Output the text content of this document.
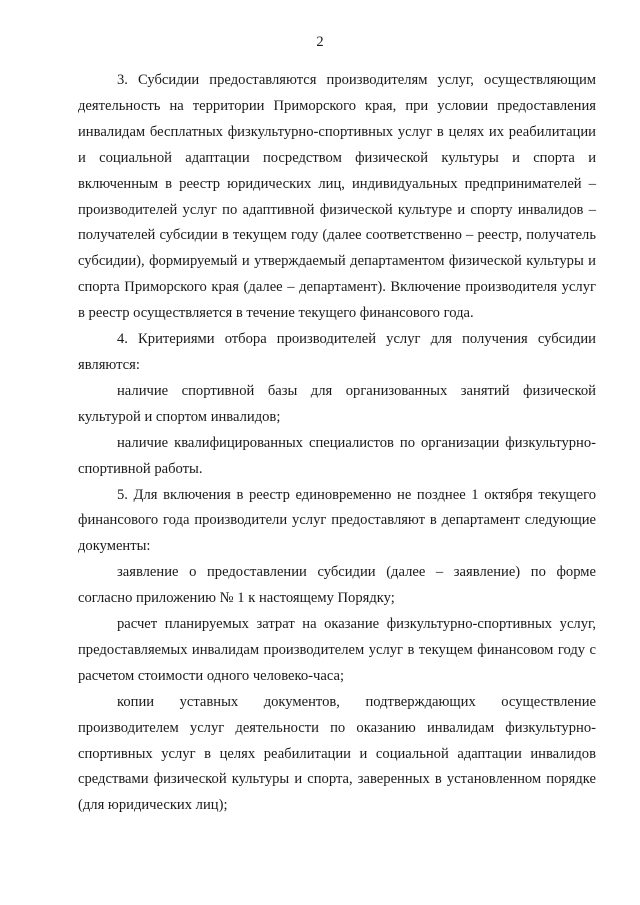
2

3. Субсидии предоставляются производителям услуг, осуществляющим деятельность на территории Приморского края, при условии предоставления инвалидам бесплатных физкультурно-спортивных услуг в целях их реабилитации и социальной адаптации посредством физической культуры и спорта и включенным в реестр юридических лиц, индивидуальных предпринимателей – производителей услуг по адаптивной физической культуре и спорту инвалидов – получателей субсидии в текущем году (далее соответственно – реестр, получатель субсидии), формируемый и утверждаемый департаментом физической культуры и спорта Приморского края (далее – департамент). Включение производителя услуг в реестр осуществляется в течение текущего финансового года.

4. Критериями отбора производителей услуг для получения субсидии являются:

наличие спортивной базы для организованных занятий физической культурой и спортом инвалидов;

наличие квалифицированных специалистов по организации физкультурно-спортивной работы.

5. Для включения в реестр единовременно не позднее 1 октября текущего финансового года производители услуг предоставляют в департамент следующие документы:

заявление о предоставлении субсидии (далее – заявление) по форме согласно приложению № 1 к настоящему Порядку;

расчет планируемых затрат на оказание физкультурно-спортивных услуг, предоставляемых инвалидам производителем услуг в текущем финансовом году с расчетом стоимости одного человеко-часа;

копии уставных документов, подтверждающих осуществление производителем услуг деятельности по оказанию инвалидам физкультурно-спортивных услуг в целях реабилитации и социальной адаптации инвалидов средствами физической культуры и спорта, заверенных в установленном порядке (для юридических лиц);
